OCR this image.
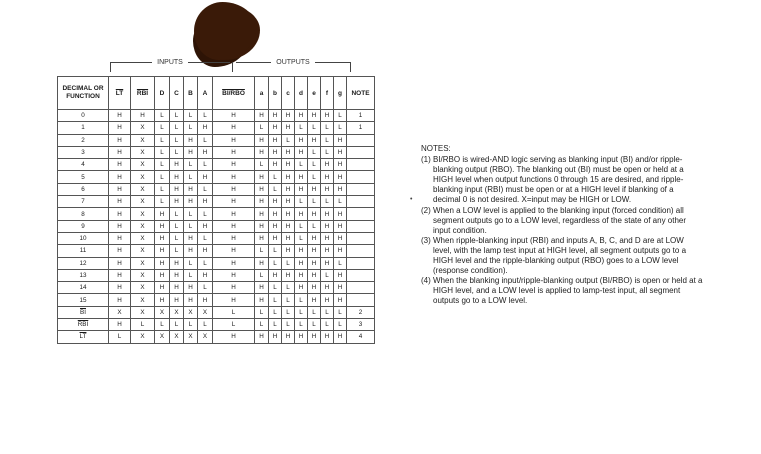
INPUTS	OUTPUTS
DECIMAL OR FUNCTION	$\overline{LT}$	$\overline{RBI}$	D	C	B	A	BI/RBO	a	b	c	d	e	f	g	NOTE
0	H	H	L	L	L	L	H	H	H	H	H	H	H	L	1
1	H	X	L	L	L	H	H	L	H	H	L	L	L	L	1
2	H	X	L	L	H	L	H	H	H	L	H	H	L	H	
3	H	X	L	L	H	H	H	H	H	H	H	L	L	H	
4	H	X	L	H	L	L	H	L	H	H	L	L	H	H	
5	H	X	L	H	L	H	H	H	L	H	H	L	H	H	
6	H	X	L	H	H	L	H	H	L	H	H	H	H	H	
7	H	X	L	H	H	H	H	H	H	H	L	L	L	L	
8	H	X	H	L	L	L	H	H	H	H	H	H	H	H	
9	H	X	H	L	L	H	H	H	H	H	L	L	H	H	
10	H	X	H	L	H	L	H	H	H	H	L	H	H	H	
11	H	X	H	L	H	H	H	L	L	H	H	H	H	H	
12	H	X	H	H	L	L	H	H	L	L	H	H	H	L	
13	H	X	H	H	L	H	H	L	H	H	H	H	L	H	
14	H	X	H	H	H	L	H	H	L	L	H	H	H	H	
15	H	X	H	H	H	H	H	H	L	L	L	H	H	H	
$\overline{BI}$	X	X	X	X	X	X	L	L	L	L	L	L	L	L	2
$\overline{RBI}$	H	L	L	L	L	L	L	L	L	L	L	L	L	L	3
$\overline{LT}$	L	X	X	X	X	X	H	H	H	H	H	H	H	H	4
•
NOTES:
(1) BI/RBO is wired-AND logic serving as blanking input (BI) and/or ripple-blanking output (RBO). The blanking out (BI) must be open or held at a HIGH level when output functions 0 through 15 are desired, and ripple-blanking input (RBI) must be open or at a HIGH level if blanking of a decimal 0 is not desired. X=input may be HIGH or LOW.
(2) When a LOW level is applied to the blanking input (forced condition) all segment outputs go to a LOW level, regardless of the state of any other input condition.
(3) When ripple-blanking input (RBI) and inputs A, B, C, and D are at LOW level, with the lamp test input at HIGH level, all segment outputs go to a HIGH level and the ripple-blanking output (RBO) goes to a LOW level (response condition).
(4) When the blanking input/ripple-blanking output (BI/RBO) is open or held at a HIGH level, and a LOW level is applied to lamp-test input, all segment outputs go to a LOW level.
